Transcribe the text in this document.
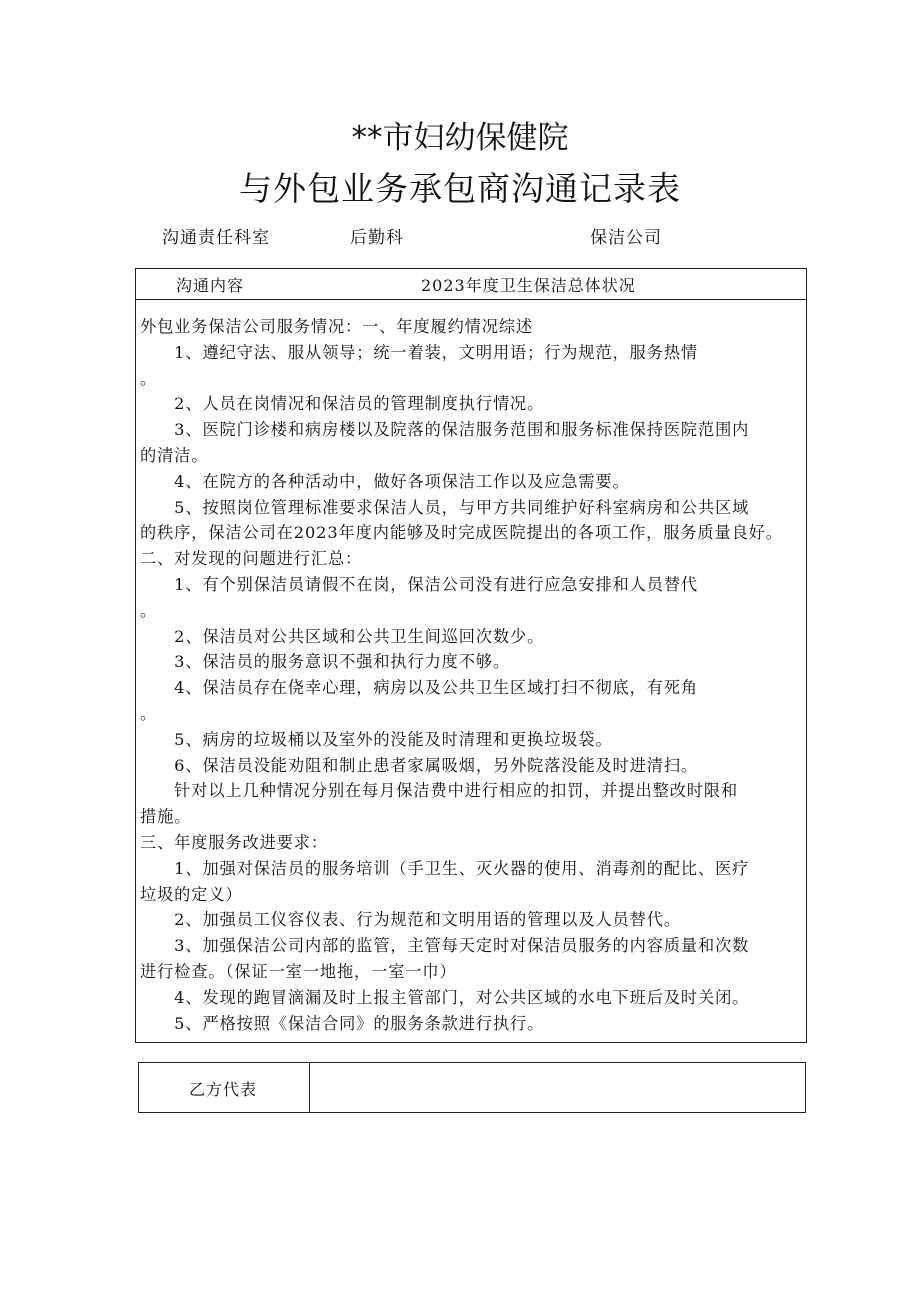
**市妇幼保健院
与外包业务承包商沟通记录表
沟通责任科室	后勤科	保洁公司
沟通内容	2023年度卫生保洁总体状况
外包业务保洁公司服务情况：一、年度履约情况综述
　　1、遵纪守法、服从领导；统一着装，文明用语；行为规范，服务热情
。
　　2、人员在岗情况和保洁员的管理制度执行情况。
　　3、医院门诊楼和病房楼以及院落的保洁服务范围和服务标准保持医院范围内
的清洁。
　　4、在院方的各种活动中，做好各项保洁工作以及应急需要。
　　5、按照岗位管理标准要求保洁人员，与甲方共同维护好科室病房和公共区域
的秩序，保洁公司在2023年度内能够及时完成医院提出的各项工作，服务质量良好。
二、对发现的问题进行汇总：
　　1、有个别保洁员请假不在岗，保洁公司没有进行应急安排和人员替代
。
　　2、保洁员对公共区域和公共卫生间巡回次数少。
　　3、保洁员的服务意识不强和执行力度不够。
　　4、保洁员存在侥幸心理，病房以及公共卫生区域打扫不彻底，有死角
。
　　5、病房的垃圾桶以及室外的没能及时清理和更换垃圾袋。
　　6、保洁员没能劝阻和制止患者家属吸烟，另外院落没能及时进清扫。
　　针对以上几种情况分别在每月保洁费中进行相应的扣罚，并提出整改时限和
措施。
三、年度服务改进要求：
　　1、加强对保洁员的服务培训（手卫生、灭火器的使用、消毒剂的配比、医疗
垃圾的定义）
　　2、加强员工仪容仪表、行为规范和文明用语的管理以及人员替代。
　　3、加强保洁公司内部的监管，主管每天定时对保洁员服务的内容质量和次数
进行检查。（保证一室一地拖，一室一巾）
　　4、发现的跑冒滴漏及时上报主管部门，对公共区域的水电下班后及时关闭。
　　5、严格按照《保洁合同》的服务条款进行执行。
乙方代表
